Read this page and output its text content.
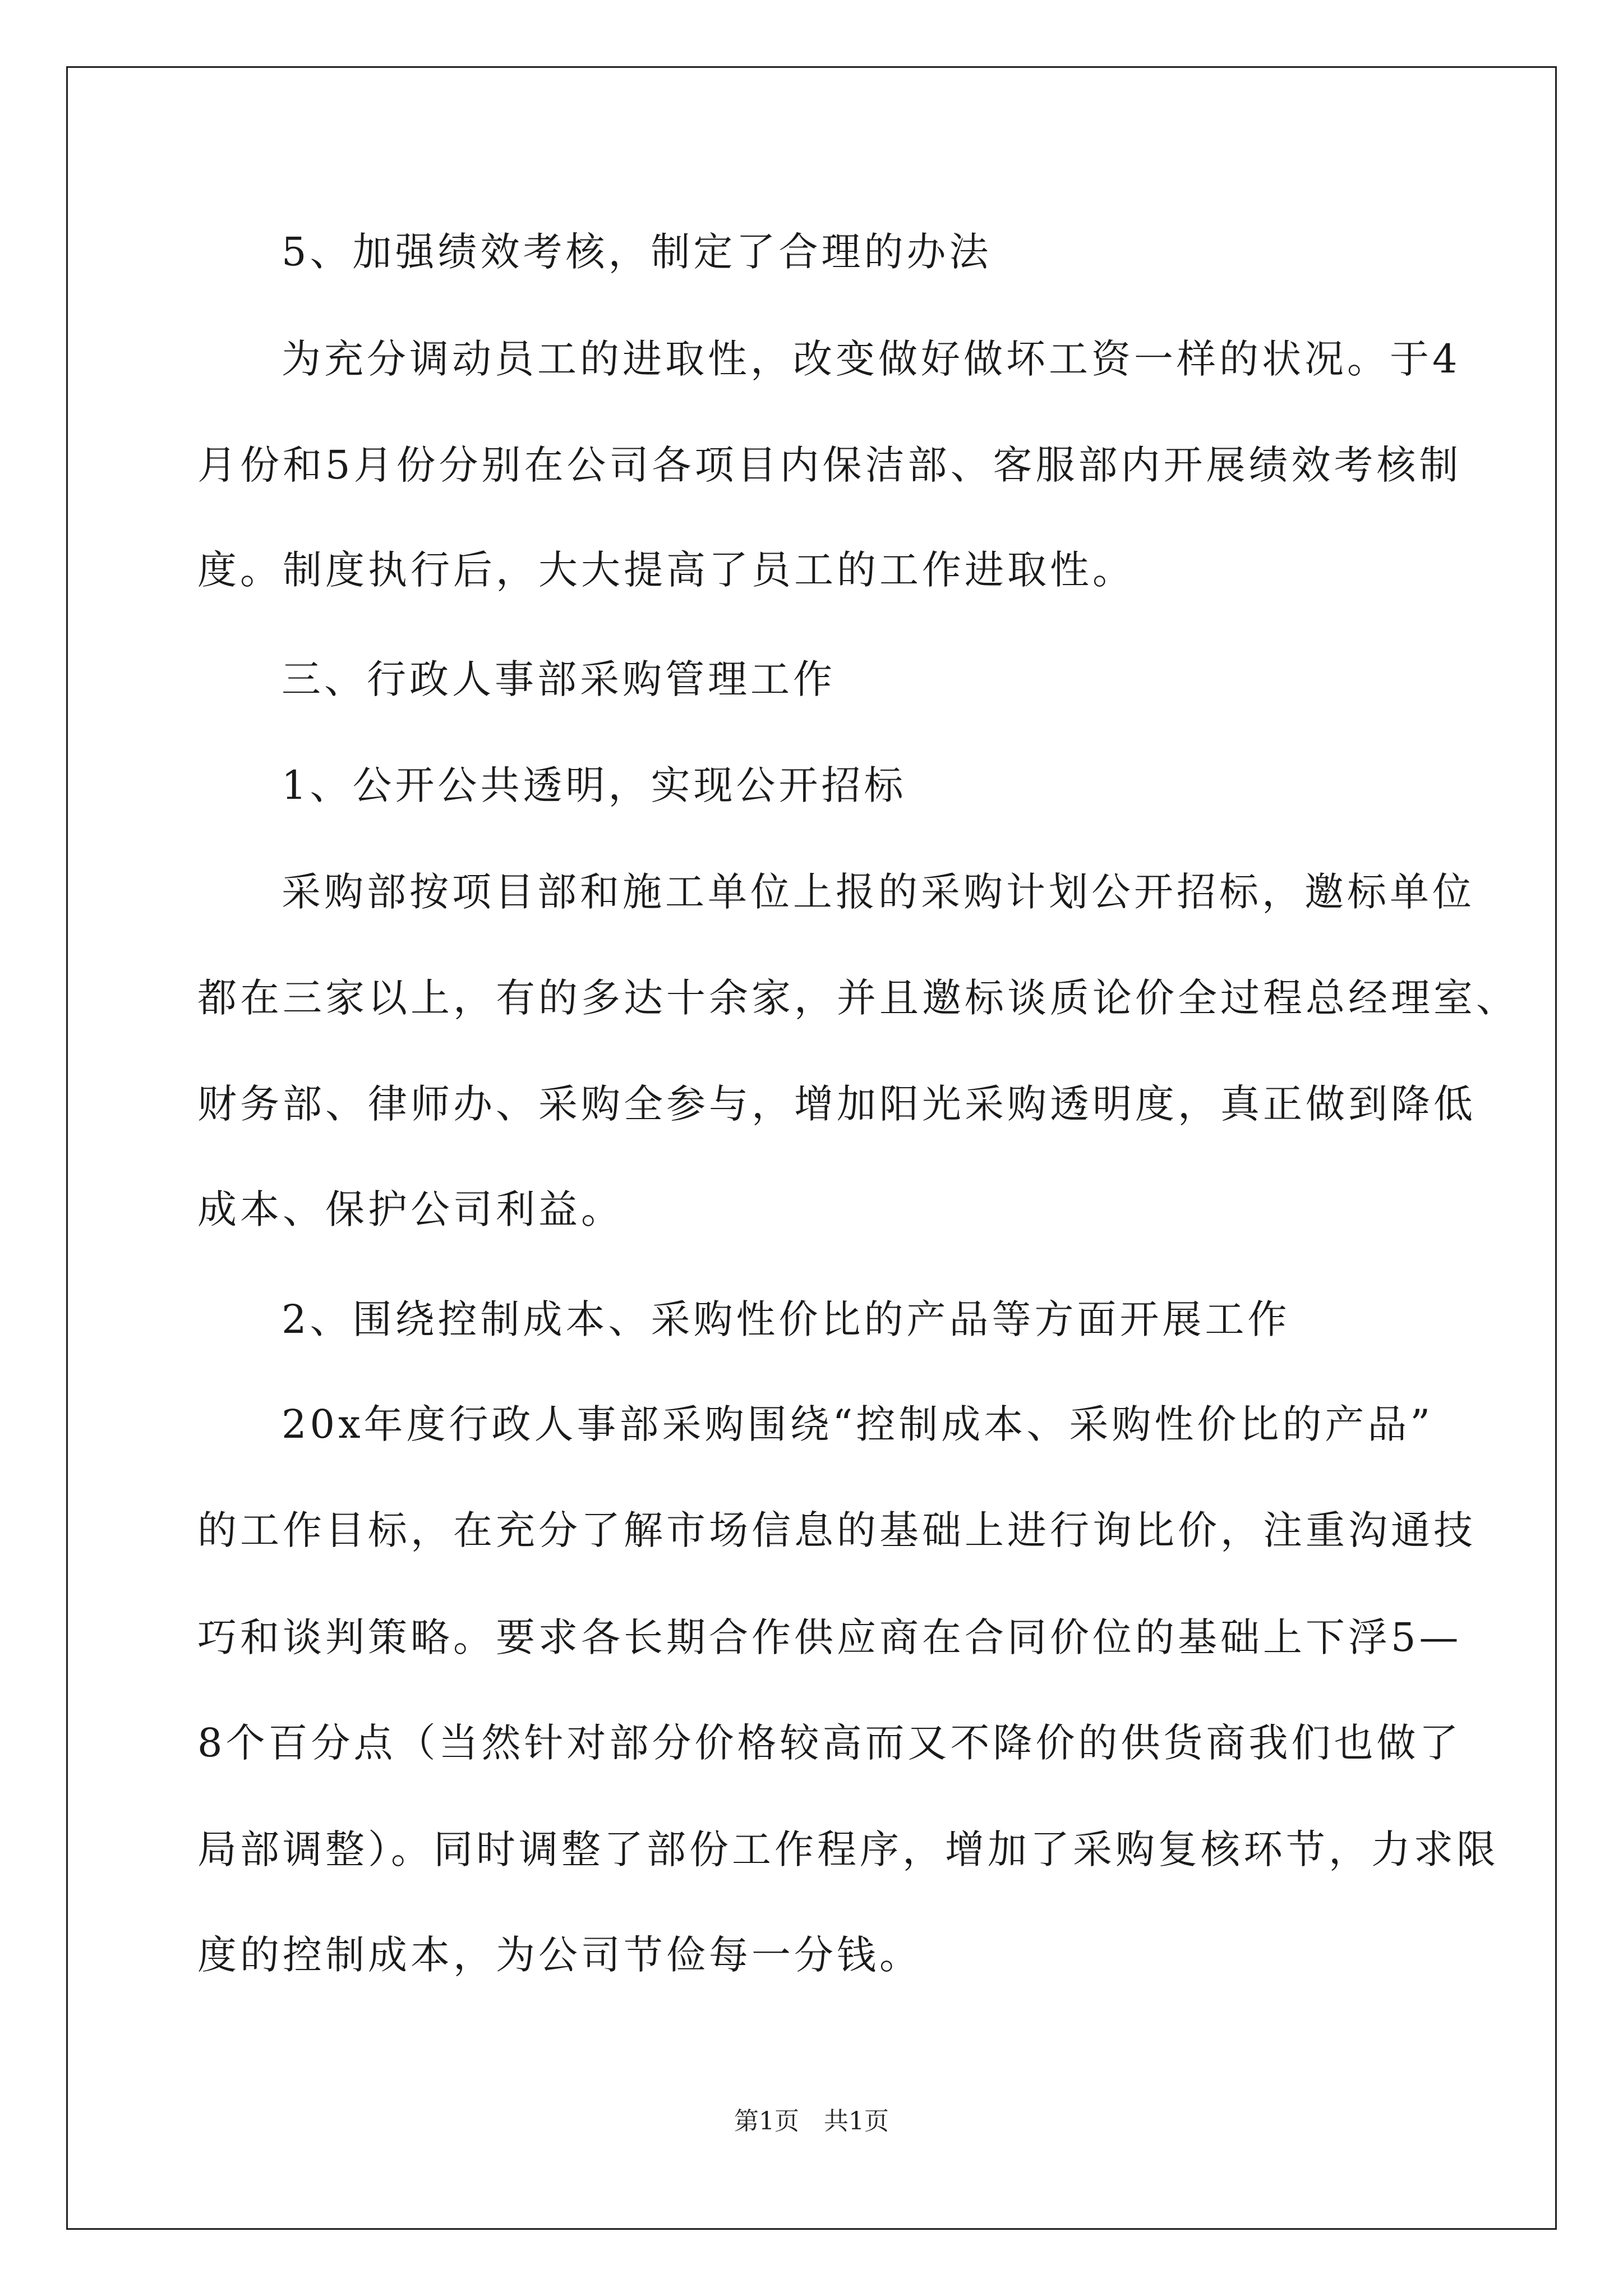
5、加强绩效考核，制定了合理的办法
为充分调动员工的进取性，改变做好做坏工资一样的状况。于4
月份和5月份分别在公司各项目内保洁部、客服部内开展绩效考核制
度。制度执行后，大大提高了员工的工作进取性。
三、行政人事部采购管理工作
1、公开公共透明，实现公开招标
采购部按项目部和施工单位上报的采购计划公开招标，邀标单位
都在三家以上，有的多达十余家，并且邀标谈质论价全过程总经理室、
财务部、律师办、采购全参与，增加阳光采购透明度，真正做到降低
成本、保护公司利益。
2、围绕控制成本、采购性价比的产品等方面开展工作
20x年度行政人事部采购围绕“控制成本、采购性价比的产品”
的工作目标，在充分了解市场信息的基础上进行询比价，注重沟通技
巧和谈判策略。要求各长期合作供应商在合同价位的基础上下浮5—
8个百分点（当然针对部分价格较高而又不降价的供货商我们也做了
局部调整）。同时调整了部份工作程序，增加了采购复核环节，力求限
度的控制成本，为公司节俭每一分钱。
第1页　共1页
